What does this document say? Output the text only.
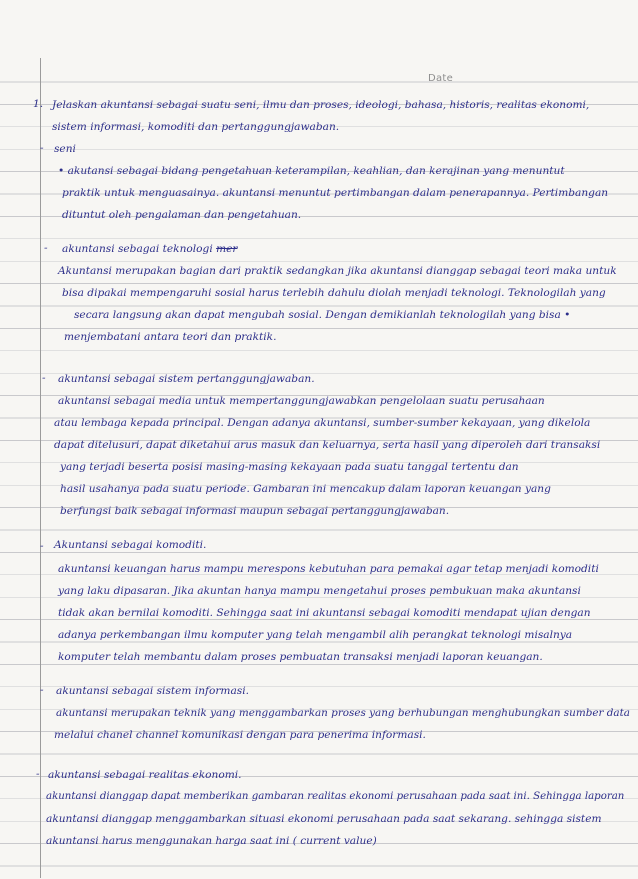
Date
1. Jelaskan akuntansi sebagai suatu seni, ilmu dan proses, ideologi, bahasa, historis, realitas ekonomi,
sistem informasi, komoditi dan pertanggungjawaban.
- seni
• akutansi sebagai bidang pengetahuan keterampilan, keahlian, dan kerajinan yang menuntut
praktik untuk menguasainya. akuntansi menuntut pertimbangan dalam penerapannya. Pertimbangan
dituntut oleh pengalaman dan pengetahuan.
- akuntansi sebagai teknologi mer
Akuntansi merupakan bagian dari praktik sedangkan jika akuntansi dianggap sebagai teori maka untuk
bisa dipakai mempengaruhi sosial harus terlebih dahulu diolah menjadi teknologi. Teknologilah yang
secara langsung akan dapat mengubah sosial. Dengan demikianlah teknologilah yang bisa •
menjembatani antara teori dan praktik.
- akuntansi sebagai sistem pertanggungjawaban.
akuntansi sebagai media untuk mempertanggungjawabkan pengelolaan suatu perusahaan
atau lembaga kepada principal. Dengan adanya akuntansi, sumber-sumber kekayaan, yang dikelola
dapat ditelusuri, dapat diketahui arus masuk dan keluarnya, serta hasil yang diperoleh dari transaksi
yang terjadi beserta posisi masing-masing kekayaan pada suatu tanggal tertentu dan
hasil usahanya pada suatu periode. Gambaran ini mencakup dalam laporan keuangan yang
berfungsi baik sebagai informasi maupun sebagai pertanggungjawaban.
- Akuntansi sebagai komoditi.
akuntansi keuangan harus mampu merespons kebutuhan para pemakai agar tetap menjadi komoditi
yang laku dipasaran. Jika akuntan hanya mampu mengetahui proses pembukuan maka akuntansi
tidak akan bernilai komoditi. Sehingga saat ini akuntansi sebagai komoditi mendapat ujian dengan
adanya perkembangan ilmu komputer yang telah mengambil alih perangkat teknologi misalnya
komputer telah membantu dalam proses pembuatan transaksi menjadi laporan keuangan.
- akuntansi sebagai sistem informasi.
akuntansi merupakan teknik yang menggambarkan proses yang berhubungan menghubungkan sumber data
melalui chanel channel komunikasi dengan para penerima informasi.
- akuntansi sebagai realitas ekonomi.
akuntansi dianggap dapat memberikan gambaran realitas ekonomi perusahaan pada saat ini. Sehingga laporan
akuntansi dianggap menggambarkan situasi ekonomi perusahaan pada saat sekarang. sehingga sistem
akuntansi harus menggunakan harga saat ini ( current value)
